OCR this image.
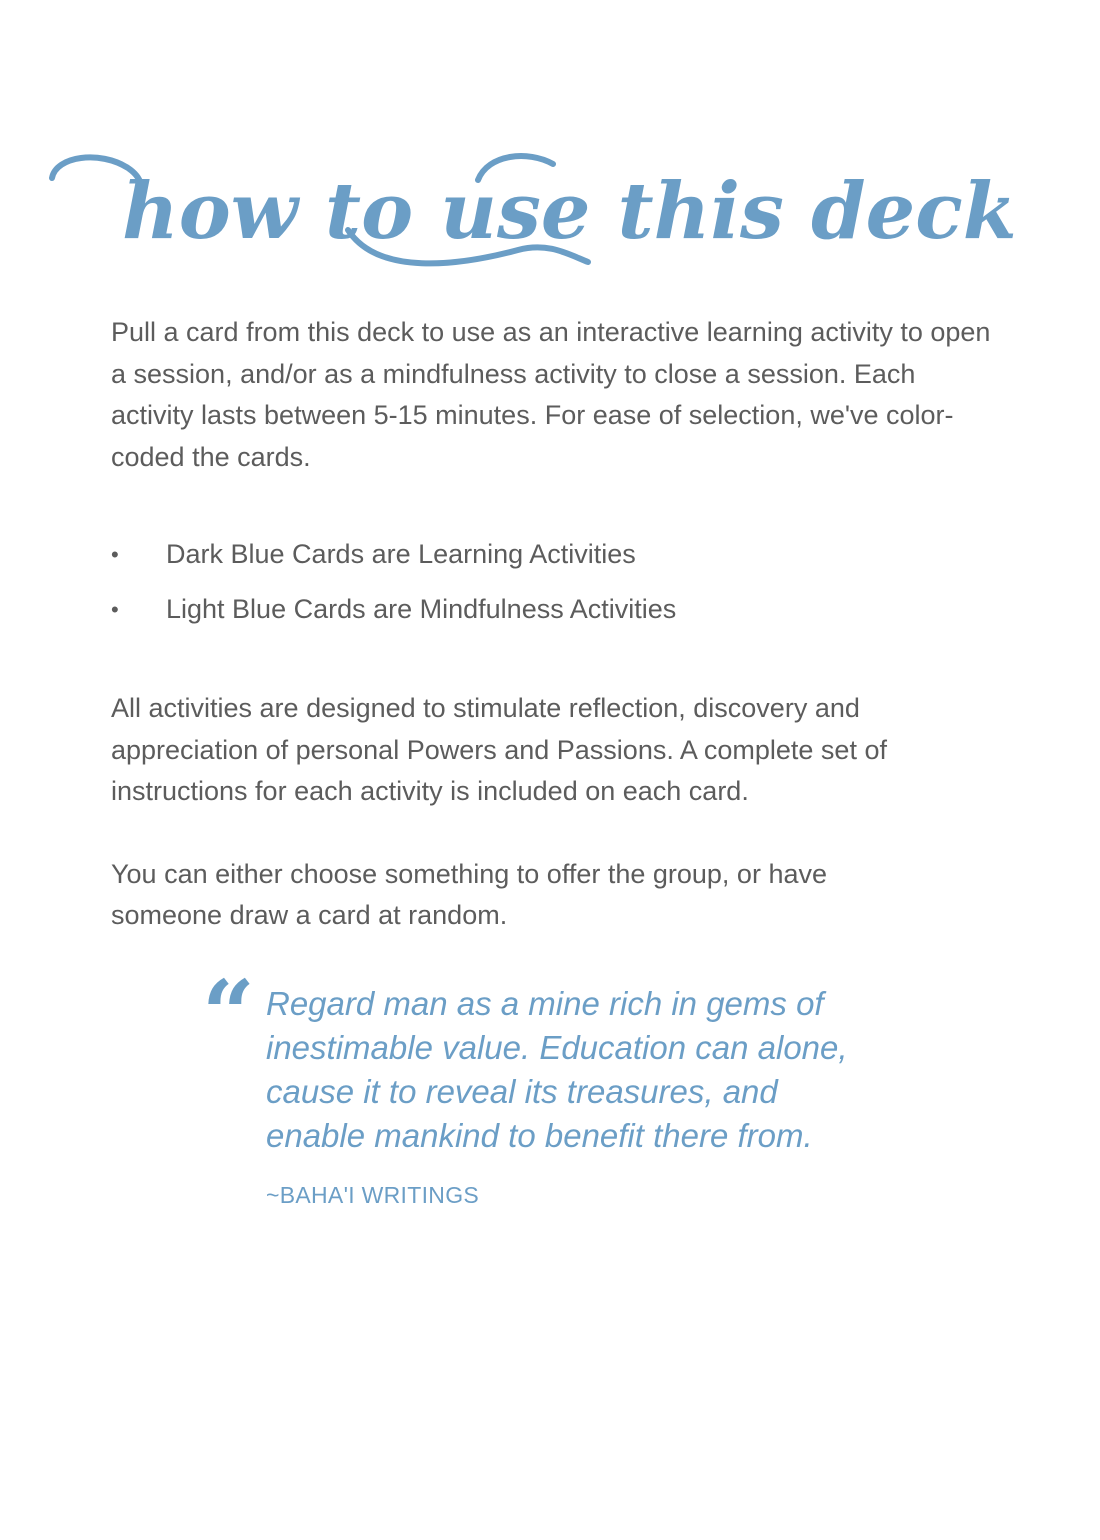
how to use this deck

Pull a card from this deck to use as an interactive learning activity to open a session, and/or as a mindfulness activity to close a session. Each activity lasts between 5-15 minutes. For ease of selection, we've color-coded the cards.

• Dark Blue Cards are Learning Activities
• Light Blue Cards are Mindfulness Activities

All activities are designed to stimulate reflection, discovery and appreciation of personal Powers and Passions. A complete set of instructions for each activity is included on each card.

You can either choose something to offer the group, or have someone draw a card at random.

“ Regard man as a mine rich in gems of inestimable value. Education can alone, cause it to reveal its treasures, and enable mankind to benefit there from.

~BAHA'I WRITINGS
